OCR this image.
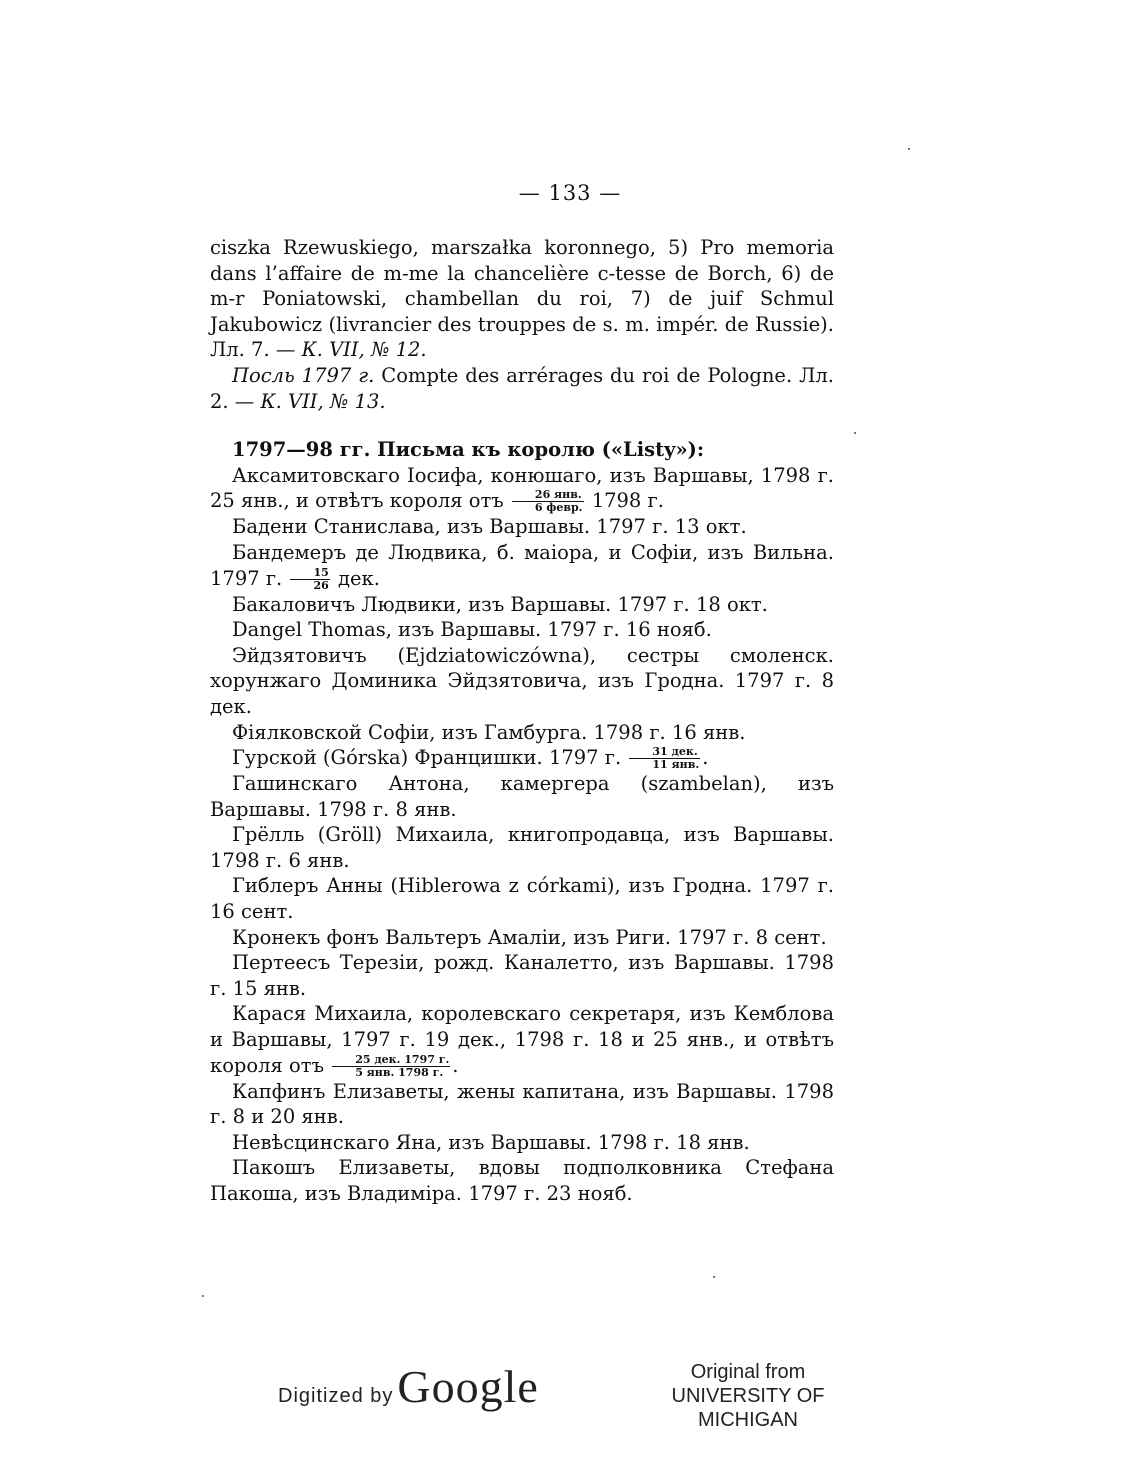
— 133 —

ciszka Rzewuskiego, marszałka koronnego, 5) Pro memoria dans l’affaire de m-me la chancelière c-tesse de Borch, 6) de m-r Poniatowski, chambellan du roi, 7) de juif Schmul Jakubowicz (livrancier des trouppes de s. m. impér. de Russie). Лл. 7. — К. VII, № 12.

Посль 1797 г. Compte des arrérages du roi de Pologne. Лл. 2. — К. VII, № 13.

1797—98 гг. Письма къ королю («Listy»):

Аксамитовскаго Іосифа, конюшаго, изъ Варшавы, 1798 г. 25 янв., и отвѣтъ короля отъ $\frac{\text{26 янв.}}{\text{6 февр.}} 1798$ г.

Бадени Станислава, изъ Варшавы. 1797 г. 13 окт.

Бандемеръ де Людвика, б. маіора, и Софіи, изъ Вильна. 1797 г. $\frac{15}{26}$ дек.

Бакаловичъ Людвики, изъ Варшавы. 1797 г. 18 окт.

Dangel Thomas, изъ Варшавы. 1797 г. 16 нояб.

Эйдзятовичъ (Ejdziatowiczówna), сестры смоленск. хорунжаго Доминика Эйдзятовича, изъ Гродна. 1797 г. 8 дек.

Фіялковской Софіи, изъ Гамбурга. 1798 г. 16 янв.

Гурской (Górska) Францишки. 1797 г. $\frac{\text{31 дек.}}{\text{11 янв.}}$ .

Гашинскаго Антона, камергера (szambelan), изъ Варшавы. 1798 г. 8 янв.

Грёлль (Gröll) Михаила, книгопродавца, изъ Варшавы. 1798 г. 6 янв.

Гиблеръ Анны (Hiblerowa z córkami), изъ Гродна. 1797 г. 16 сент.

Кронекъ фонъ Вальтеръ Амаліи, изъ Риги. 1797 г. 8 сент.

Пертеесъ Терезіи, рожд. Каналетто, изъ Варшавы. 1798 г. 15 янв.

Карася Михаила, королевскаго секретаря, изъ Кемблова и Варшавы, 1797 г. 19 дек., 1798 г. 18 и 25 янв., и отвѣтъ короля отъ $\frac{\text{25 дек. 1797 г.}}{\text{5 янв. 1798 г.}}$ .

Капфинъ Елизаветы, жены капитана, изъ Варшавы. 1798 г. 8 и 20 янв.

Невѣсцинскаго Яна, изъ Варшавы. 1798 г. 18 янв.

Пакошъ Елизаветы, вдовы подполковника Стефана Пакоша, изъ Владиміра. 1797 г. 23 нояб.

Digitized by Google	Original from
UNIVERSITY OF MICHIGAN
